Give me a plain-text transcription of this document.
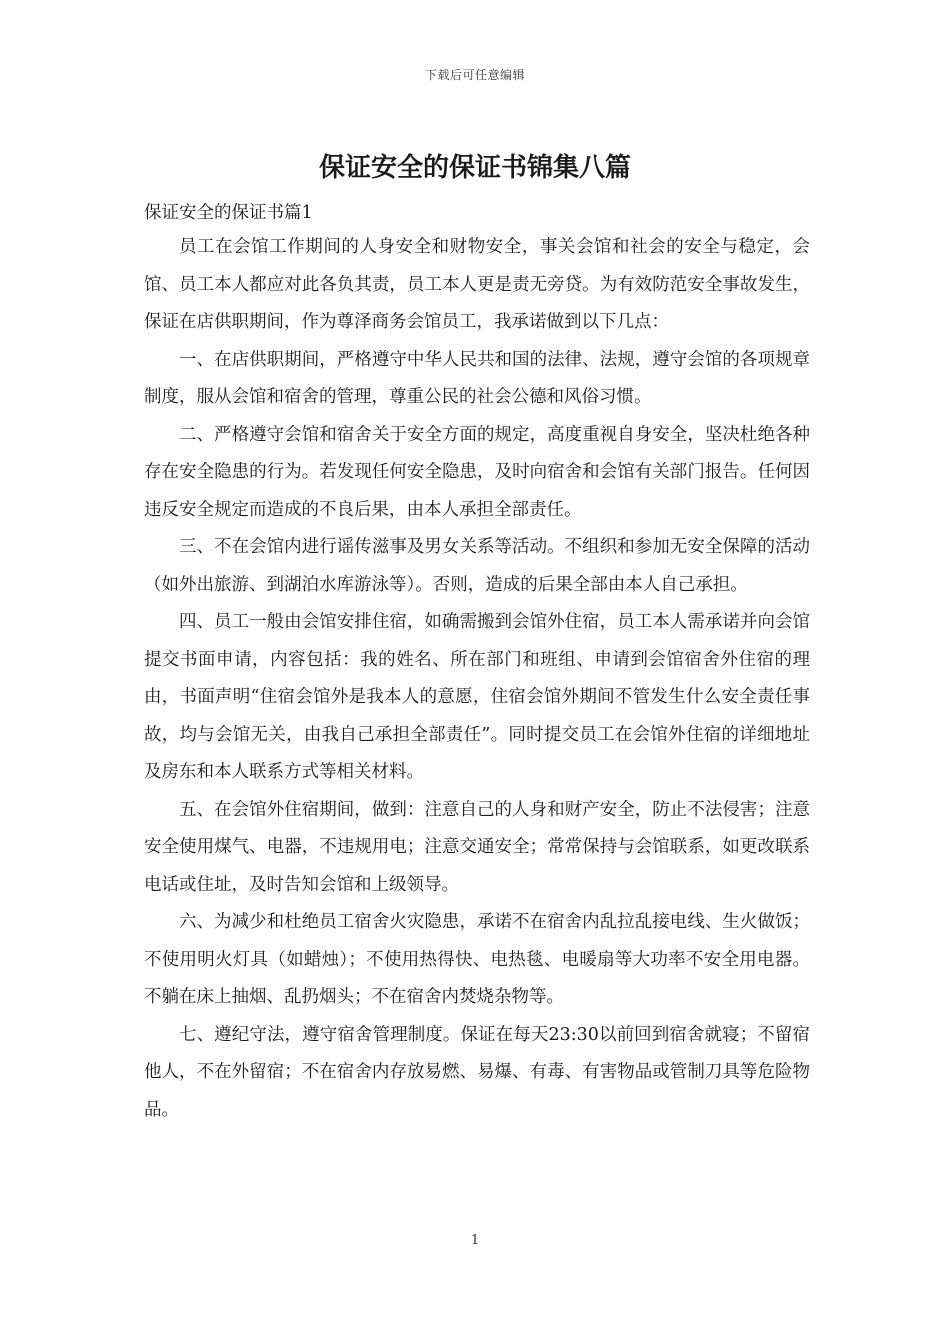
下载后可任意编辑
保证安全的保证书锦集八篇
保证安全的保证书篇1

员工在会馆工作期间的人身安全和财物安全，事关会馆和社会的安全与稳定，会馆、员工本人都应对此各负其责，员工本人更是责无旁贷。为有效防范安全事故发生，保证在店供职期间，作为尊泽商务会馆员工，我承诺做到以下几点：

一、在店供职期间，严格遵守中华人民共和国的法律、法规，遵守会馆的各项规章制度，服从会馆和宿舍的管理，尊重公民的社会公德和风俗习惯。

二、严格遵守会馆和宿舍关于安全方面的规定，高度重视自身安全，坚决杜绝各种存在安全隐患的行为。若发现任何安全隐患，及时向宿舍和会馆有关部门报告。任何因违反安全规定而造成的不良后果，由本人承担全部责任。

三、不在会馆内进行谣传滋事及男女关系等活动。不组织和参加无安全保障的活动（如外出旅游、到湖泊水库游泳等）。否则，造成的后果全部由本人自己承担。

四、员工一般由会馆安排住宿，如确需搬到会馆外住宿，员工本人需承诺并向会馆提交书面申请，内容包括：我的姓名、所在部门和班组、申请到会馆宿舍外住宿的理由，书面声明“住宿会馆外是我本人的意愿，住宿会馆外期间不管发生什么安全责任事故，均与会馆无关，由我自己承担全部责任”。同时提交员工在会馆外住宿的详细地址及房东和本人联系方式等相关材料。

五、在会馆外住宿期间，做到：注意自己的人身和财产安全，防止不法侵害；注意安全使用煤气、电器，不违规用电；注意交通安全；常常保持与会馆联系，如更改联系电话或住址，及时告知会馆和上级领导。

六、为减少和杜绝员工宿舍火灾隐患，承诺不在宿舍内乱拉乱接电线、生火做饭；不使用明火灯具（如蜡烛）；不使用热得快、电热毯、电暖扇等大功率不安全用电器。不躺在床上抽烟、乱扔烟头；不在宿舍内焚烧杂物等。

七、遵纪守法，遵守宿舍管理制度。保证在每天23:30以前回到宿舍就寝；不留宿他人，不在外留宿；不在宿舍内存放易燃、易爆、有毒、有害物品或管制刀具等危险物品。

1
